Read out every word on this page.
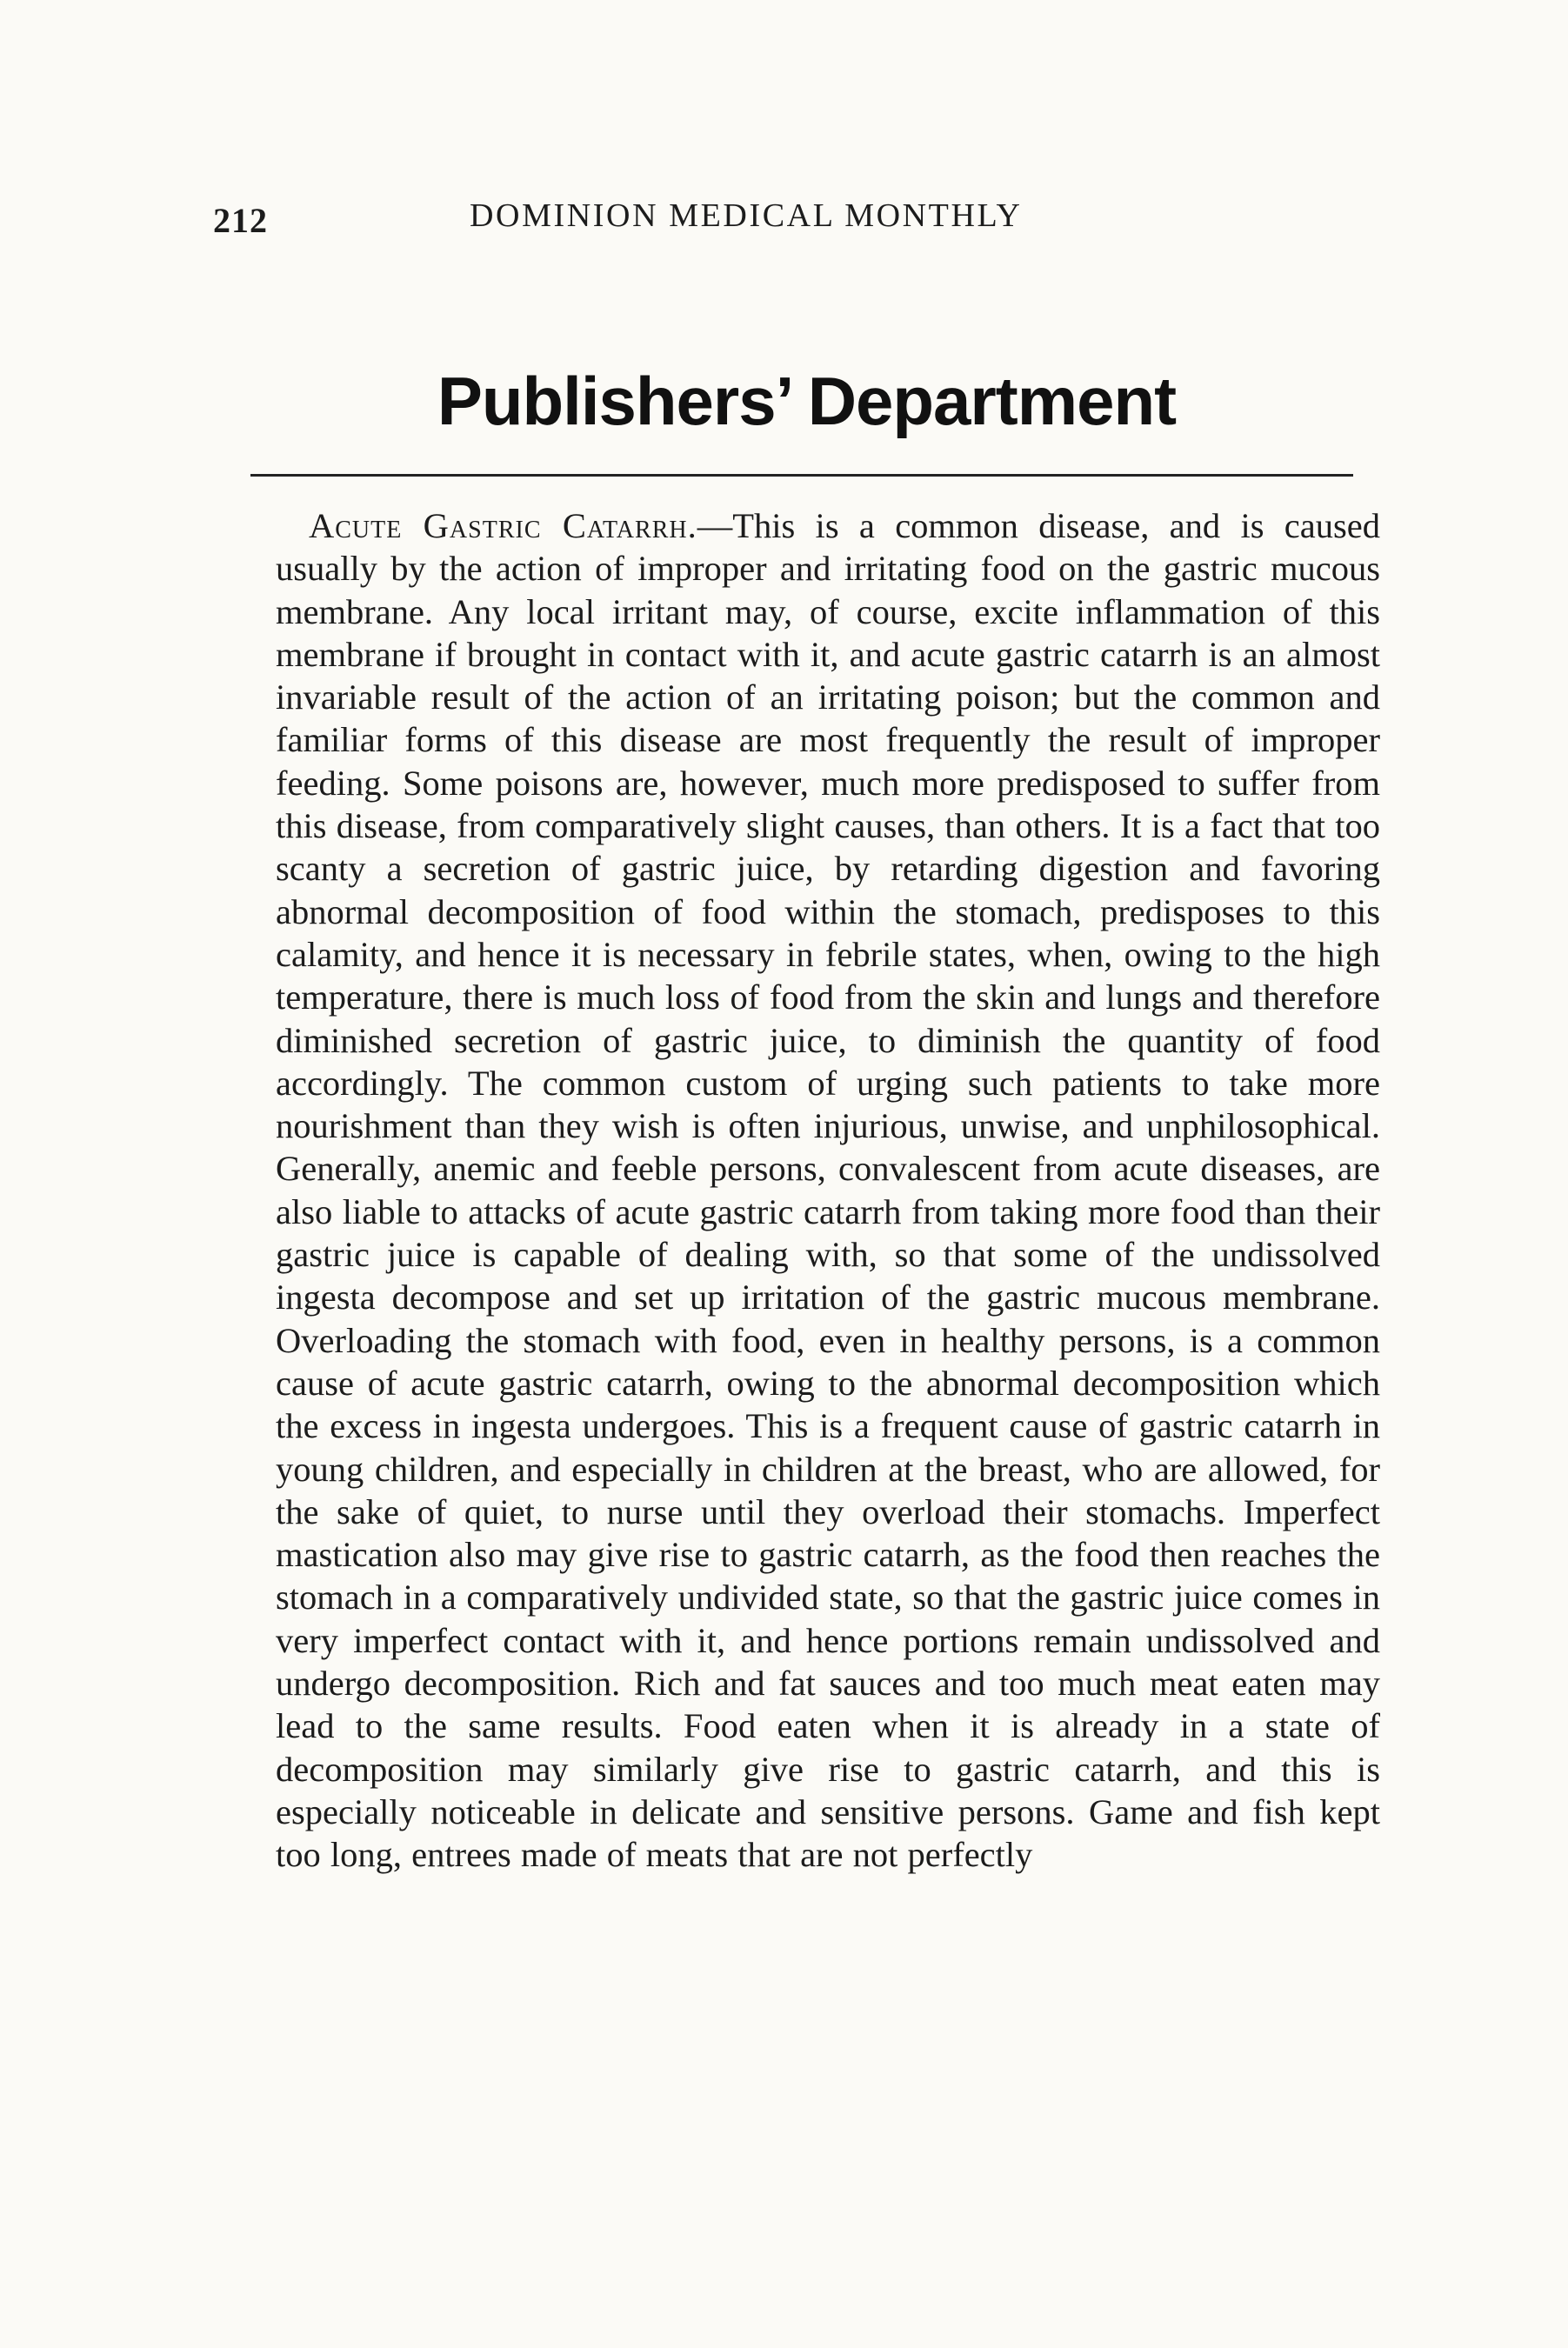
212	DOMINION MEDICAL MONTHLY
Publishers’ Department

Acute Gastric Catarrh.—This is a common disease, and is caused usually by the action of improper and irritating food on the gastric mucous membrane. Any local irritant may, of course, excite inflammation of this membrane if brought in contact with it, and acute gastric catarrh is an almost invariable result of the action of an irritating poison; but the common and familiar forms of this disease are most frequently the result of improper feeding. Some poisons are, however, much more predisposed to suffer from this disease, from comparatively slight causes, than others. It is a fact that too scanty a secretion of gastric juice, by retarding digestion and favoring abnormal decomposition of food within the stomach, predisposes to this calamity, and hence it is necessary in febrile states, when, owing to the high temperature, there is much loss of food from the skin and lungs and therefore diminished secretion of gastric juice, to diminish the quantity of food accordingly. The common custom of urging such patients to take more nourishment than they wish is often injurious, unwise, and unphilosophical. Generally, anemic and feeble persons, convalescent from acute diseases, are also liable to attacks of acute gastric catarrh from taking more food than their gastric juice is capable of dealing with, so that some of the undissolved ingesta decompose and set up irritation of the gastric mucous membrane. Overloading the stomach with food, even in healthy persons, is a common cause of acute gastric catarrh, owing to the abnormal decomposition which the excess in ingesta undergoes. This is a frequent cause of gastric catarrh in young children, and especially in children at the breast, who are allowed, for the sake of quiet, to nurse until they overload their stomachs. Imperfect mastication also may give rise to gastric catarrh, as the food then reaches the stomach in a comparatively undivided state, so that the gastric juice comes in very imperfect contact with it, and hence portions remain undissolved and undergo decomposition. Rich and fat sauces and too much meat eaten may lead to the same results. Food eaten when it is already in a state of decomposition may similarly give rise to gastric catarrh, and this is especially noticeable in delicate and sensitive persons. Game and fish kept too long, entrees made of meats that are not perfectly
